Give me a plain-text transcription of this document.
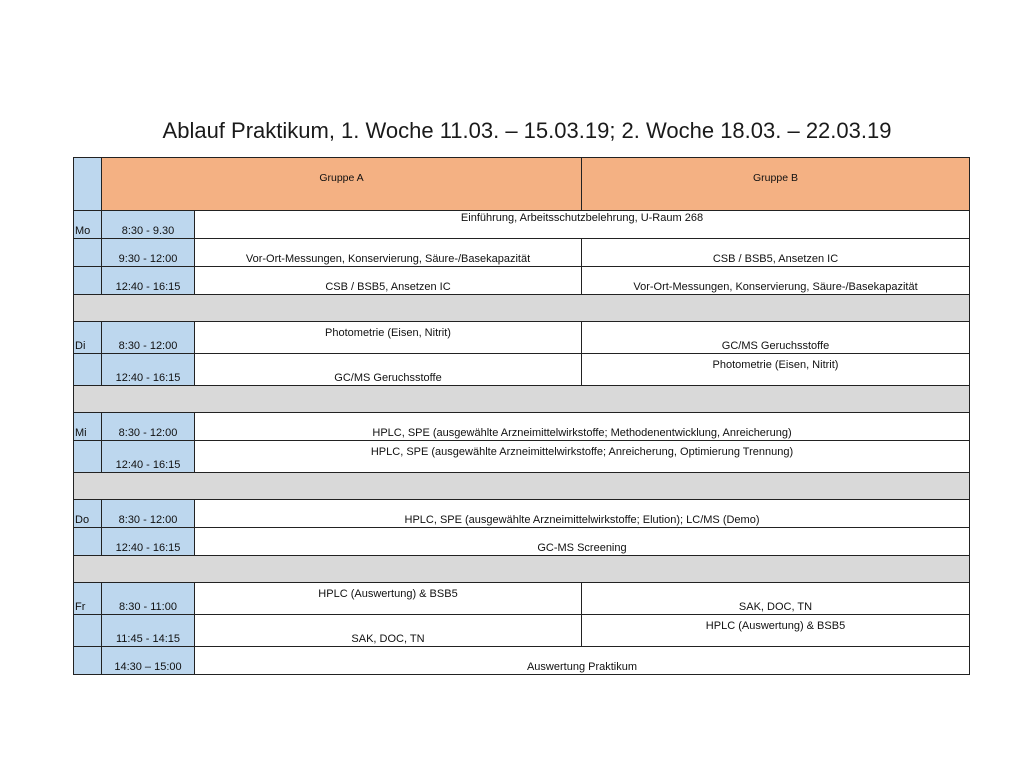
Ablauf Praktikum, 1. Woche 11.03. – 15.03.19; 2. Woche 18.03. – 22.03.19
	Gruppe A		Gruppe B
Mo	8:30 - 9.30	Einführung, Arbeitsschutzbelehrung, U-Raum 268	
	9:30 - 12:00	Vor-Ort-Messungen, Konservierung, Säure-/Basekapazität	CSB / BSB5, Ansetzen IC
	12:40 - 16:15	CSB / BSB5, Ansetzen IC	Vor-Ort-Messungen, Konservierung, Säure-/Basekapazität

Di	8:30 - 12:00	Photometrie (Eisen, Nitrit)	GC/MS Geruchsstoffe
	12:40 - 16:15	GC/MS Geruchsstoffe	Photometrie (Eisen, Nitrit)

Mi	8:30 - 12:00	HPLC, SPE (ausgewählte Arzneimittelwirkstoffe; Methodenentwicklung, Anreicherung)	
	12:40 - 16:15	HPLC, SPE (ausgewählte Arzneimittelwirkstoffe; Anreicherung, Optimierung Trennung)	

Do	8:30 - 12:00	HPLC, SPE (ausgewählte Arzneimittelwirkstoffe; Elution); LC/MS (Demo)	
	12:40 - 16:15	GC-MS Screening	

Fr	8:30 - 11:00	HPLC (Auswertung) & BSB5	SAK, DOC, TN
	11:45 - 14:15	SAK, DOC, TN	HPLC (Auswertung) & BSB5
	14:30 – 15:00	Auswertung Praktikum	
